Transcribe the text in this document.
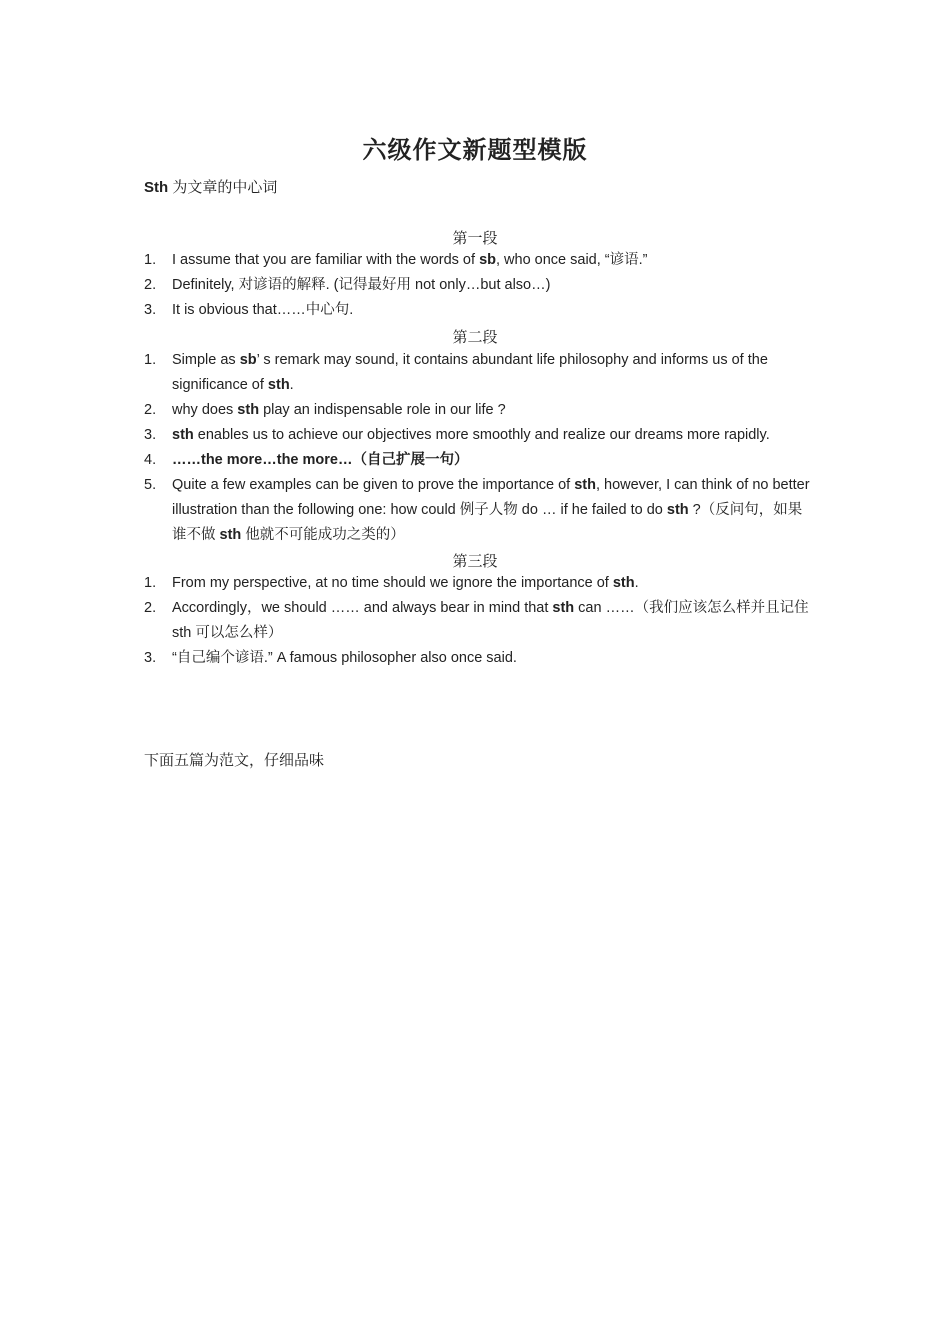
六级作文新题型模版
Sth 为文章的中心词
第一段
1. I assume that you are familiar with the words of sb, who once said, “谚语.”
2. Definitely, 对谚语的解释. (记得最好用 not only…but also…)
3. It is obvious that……中心句.
第二段
1. Simple as sb’ s remark may sound, it contains abundant life philosophy and informs us of the significance of sth.
2. why does sth play an indispensable role in our life ?
3. sth enables us to achieve our objectives more smoothly and realize our dreams more rapidly.
4. ……the more…the more…（自己扩展一句）
5. Quite a few examples can be given to prove the importance of sth, however, I can think of no better illustration than the following one: how could 例子人物 do … if he failed to do sth ?（反问句，如果谁不做 sth 他就不可能成功之类的）
第三段
1. From my perspective, at no time should we ignore the importance of sth.
2. Accordingly，we should …… and always bear in mind that sth can ……（我们应该怎么样并且记住 sth 可以怎么样）
3. “自己编个谚语.” A famous philosopher also once said.
下面五篇为范文，仔细品味
